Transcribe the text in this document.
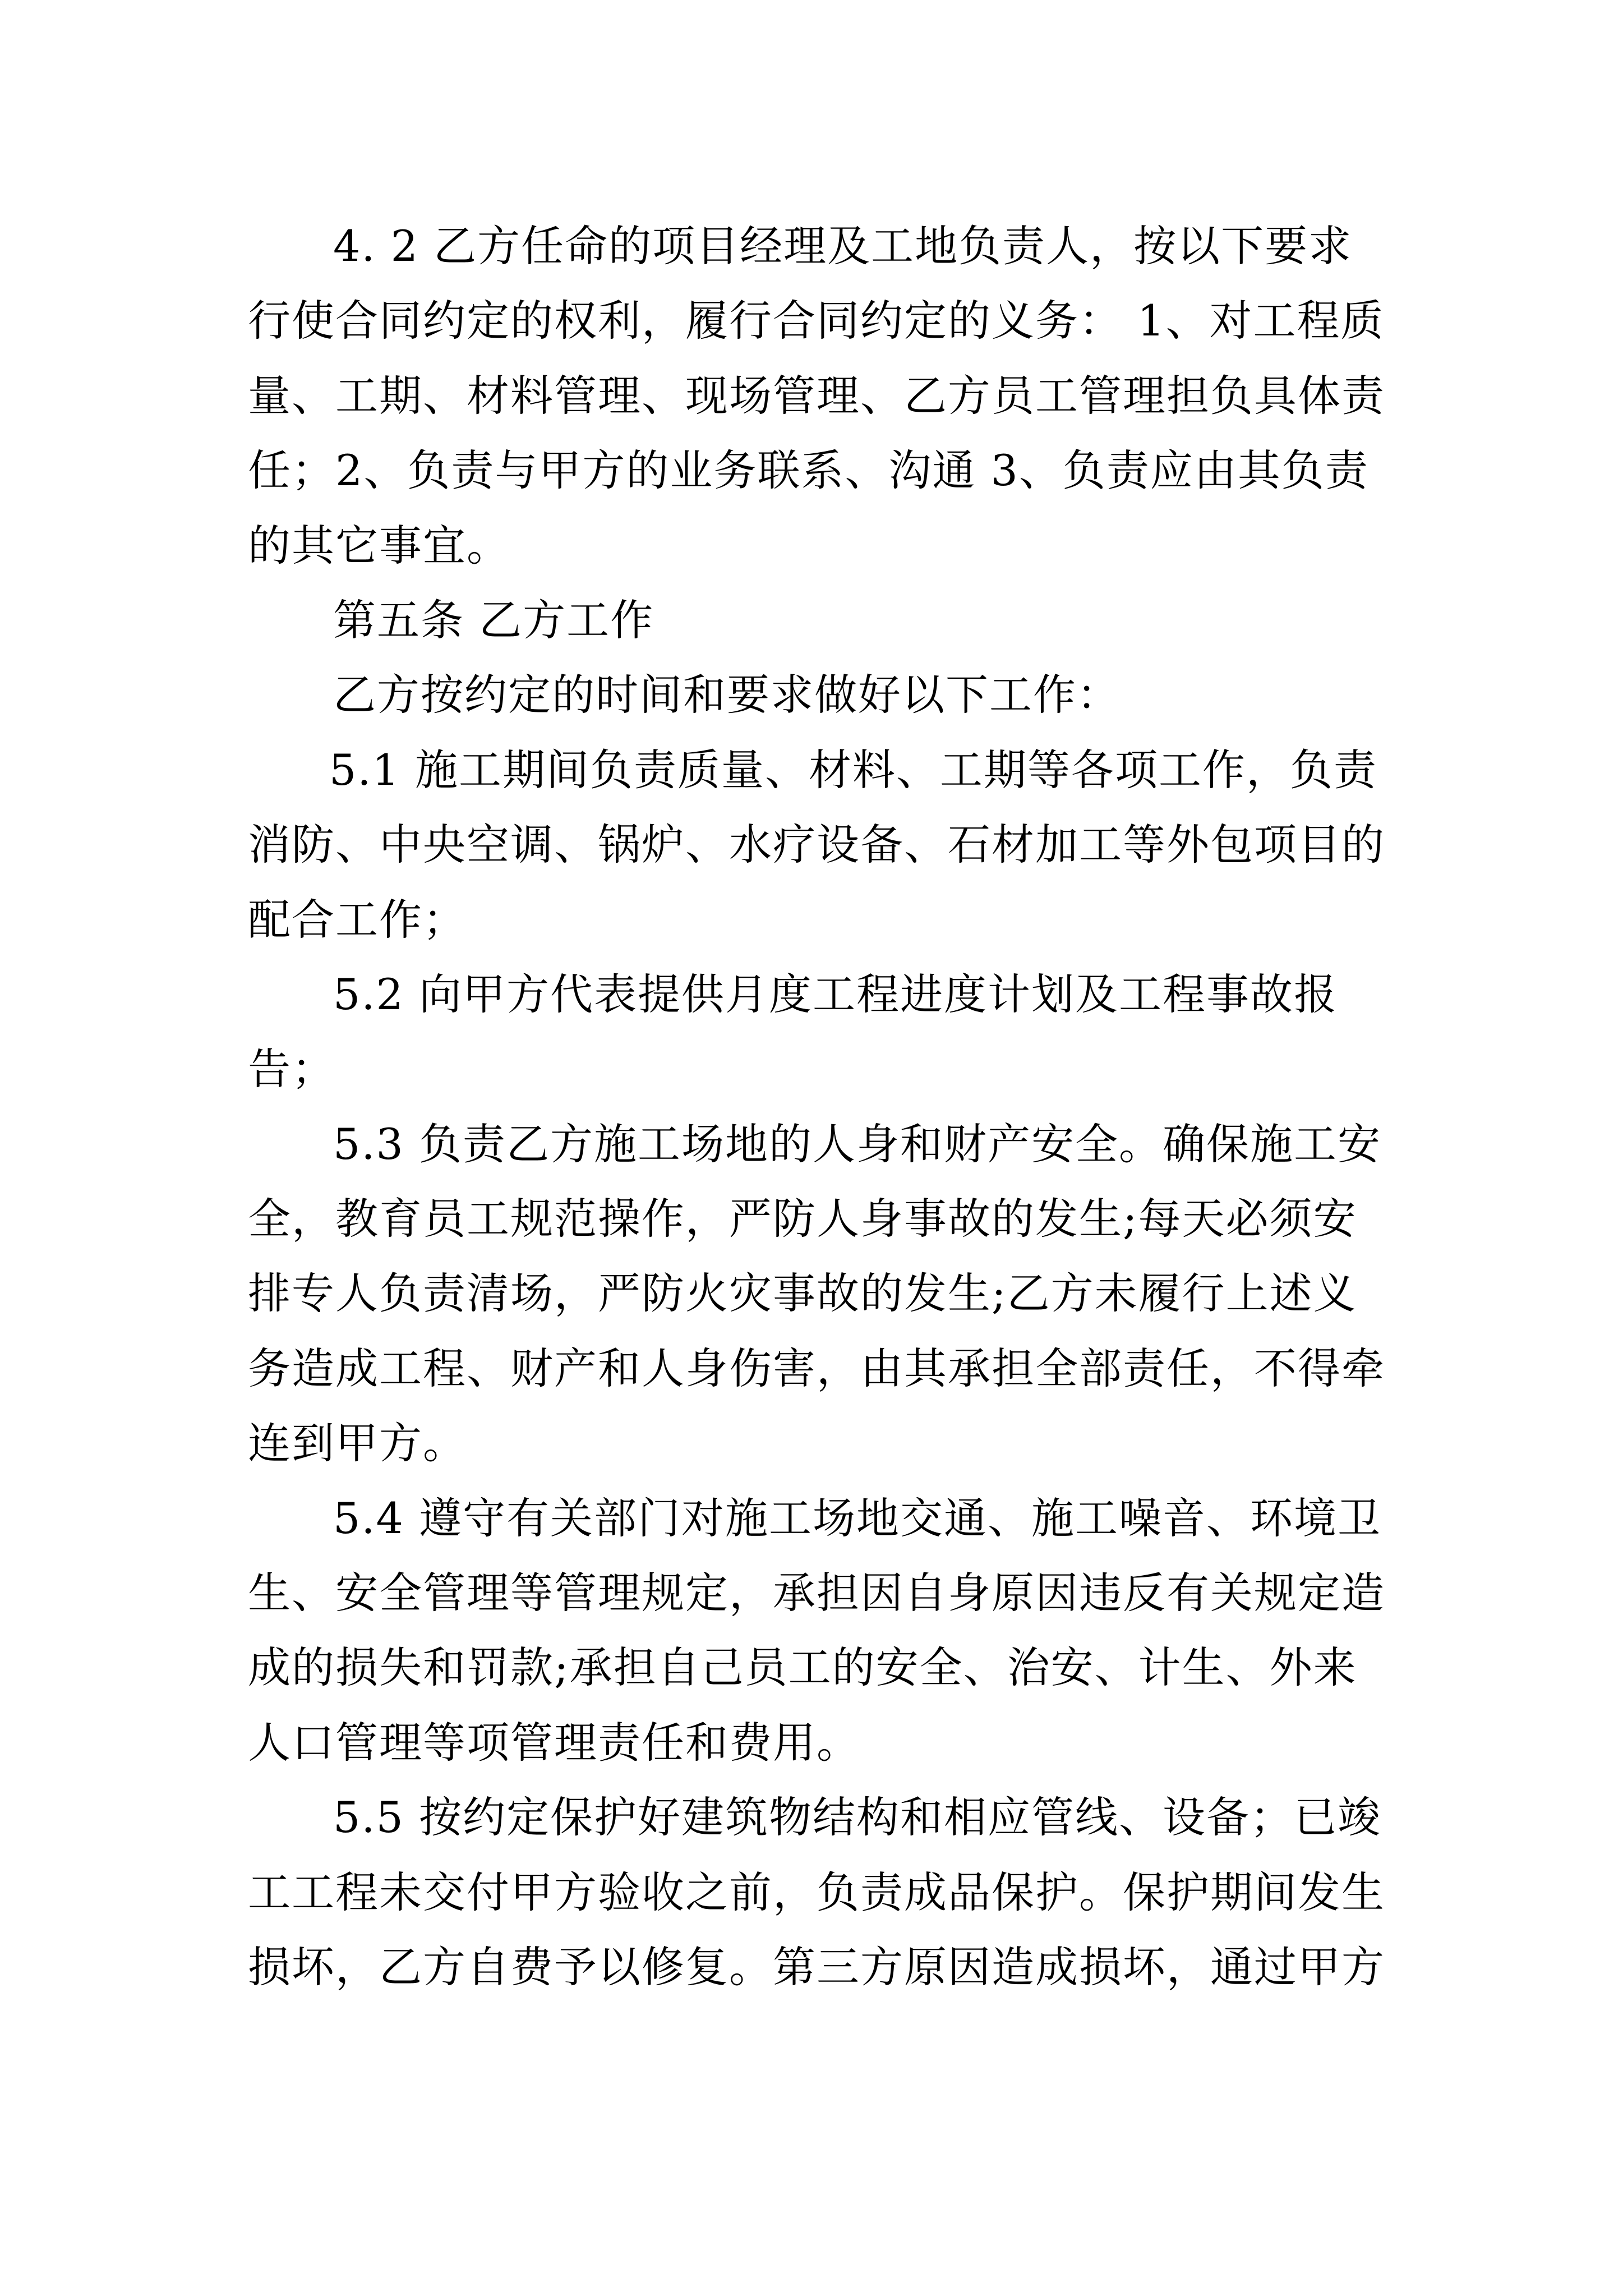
4. 2 乙方任命的项目经理及工地负责人，按以下要求
行使合同约定的权利，履行合同约定的义务： 1、对工程质
量、工期、材料管理、现场管理、乙方员工管理担负具体责
任；2、负责与甲方的业务联系、沟通 3、负责应由其负责
的其它事宜。
第五条 乙方工作
乙方按约定的时间和要求做好以下工作：
5.1 施工期间负责质量、材料、工期等各项工作，负责
消防、中央空调、锅炉、水疗设备、石材加工等外包项目的
配合工作；
5.2 向甲方代表提供月度工程进度计划及工程事故报
告；
5.3 负责乙方施工场地的人身和财产安全。确保施工安
全，教育员工规范操作，严防人身事故的发生;每天必须安
排专人负责清场，严防火灾事故的发生;乙方未履行上述义
务造成工程、财产和人身伤害，由其承担全部责任，不得牵
连到甲方。
5.4 遵守有关部门对施工场地交通、施工噪音、环境卫
生、安全管理等管理规定，承担因自身原因违反有关规定造
成的损失和罚款;承担自己员工的安全、治安、计生、外来
人口管理等项管理责任和费用。
5.5 按约定保护好建筑物结构和相应管线、设备；已竣
工工程未交付甲方验收之前，负责成品保护。保护期间发生
损坏，乙方自费予以修复。第三方原因造成损坏，通过甲方
